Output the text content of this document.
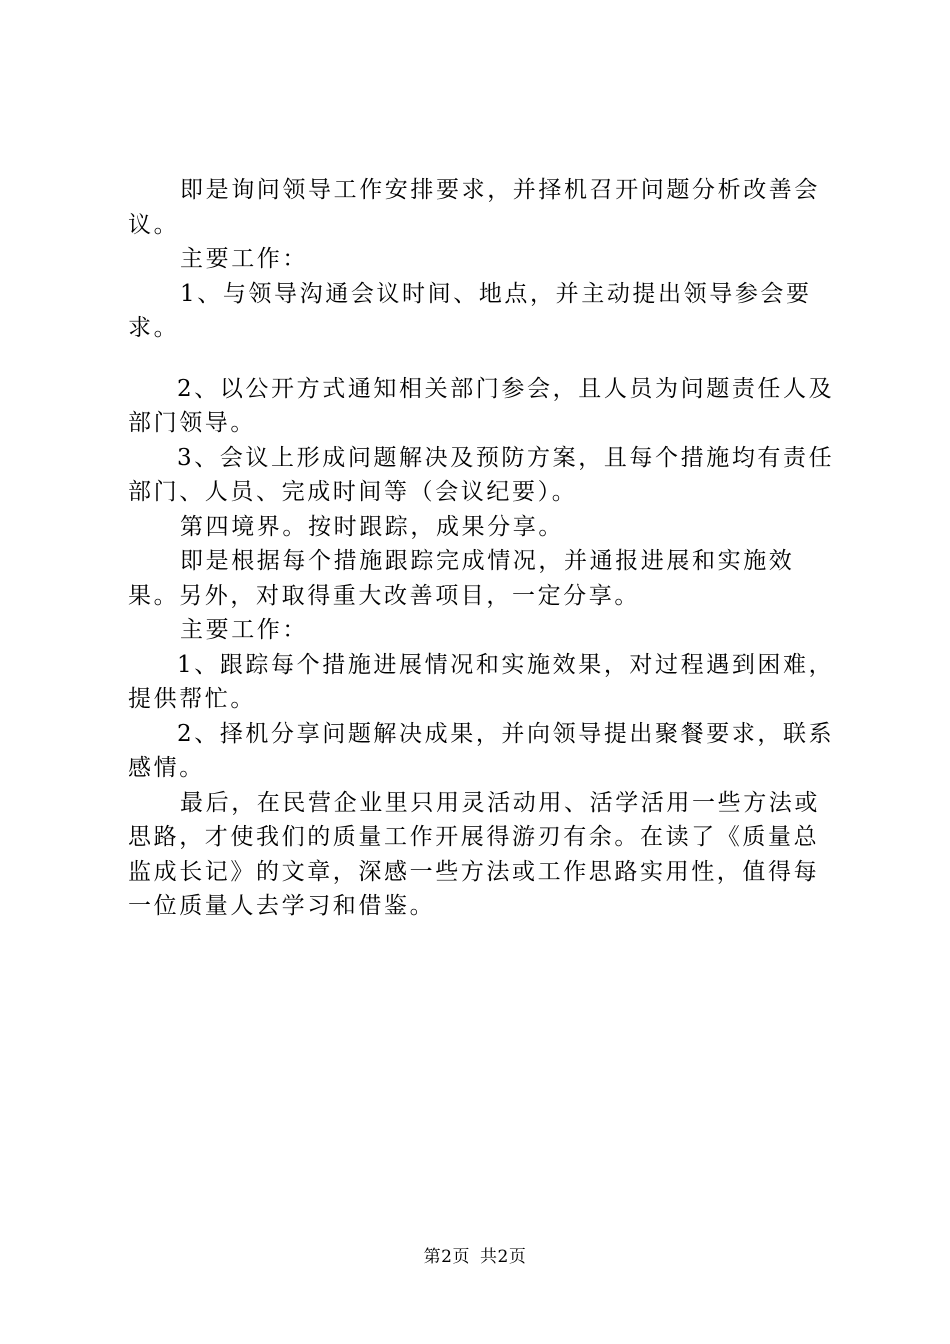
即是询问领导工作安排要求，并择机召开问题分析改善会议。

主要工作：

1、与领导沟通会议时间、地点，并主动提出领导参会要求。

2、以公开方式通知相关部门参会，且人员为问题责任人及部门领导。

3、会议上形成问题解决及预防方案，且每个措施均有责任部门、人员、完成时间等（会议纪要）。

第四境界。按时跟踪，成果分享。

即是根据每个措施跟踪完成情况，并通报进展和实施效果。另外，对取得重大改善项目，一定分享。

主要工作：

1、跟踪每个措施进展情况和实施效果，对过程遇到困难，提供帮忙。

2、择机分享问题解决成果，并向领导提出聚餐要求，联系感情。

最后，在民营企业里只用灵活动用、活学活用一些方法或思路，才使我们的质量工作开展得游刃有余。在读了《质量总监成长记》的文章，深感一些方法或工作思路实用性，值得每一位质量人去学习和借鉴。

第2页 共2页
